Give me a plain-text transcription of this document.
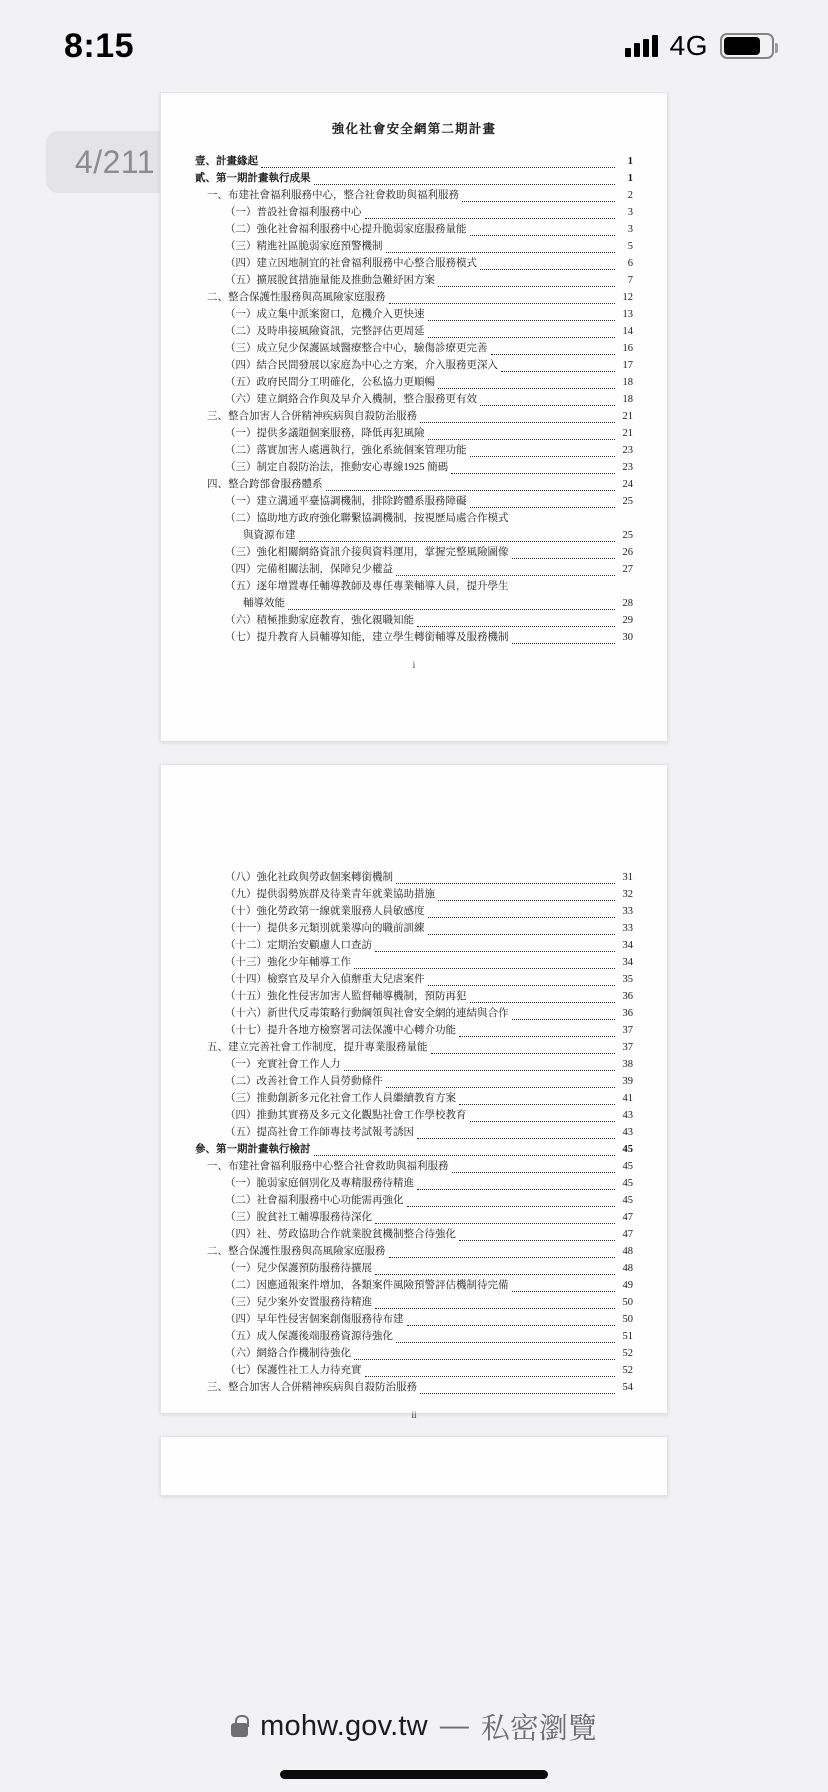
8:15	4G
4/211
強化社會安全網第二期計畫
壹、計畫緣起	1
貳、第一期計畫執行成果	1
一、布建社會福利服務中心，整合社會救助與福利服務	2
（一）普設社會福利服務中心	3
（二）強化社會福利服務中心提升脆弱家庭服務量能	3
（三）精進社區脆弱家庭預警機制	5
（四）建立因地制宜的社會福利服務中心整合服務模式	6
（五）擴展脫貧措施量能及推動急難紓困方案	7
二、整合保護性服務與高風險家庭服務	12
（一）成立集中派案窗口，危機介入更快速	13
（二）及時串接風險資訊，完整評估更周延	14
（三）成立兒少保護區域醫療整合中心，驗傷診療更完善	16
（四）結合民間發展以家庭為中心之方案，介入服務更深入	17
（五）政府民間分工明確化，公私協力更順暢	18
（六）建立網絡合作與及早介入機制，整合服務更有效	18
三、整合加害人合併精神疾病與自殺防治服務	21
（一）提供多議題個案服務，降低再犯風險	21
（二）落實加害人處遇執行，強化系統個案管理功能	23
（三）制定自殺防治法，推動安心專線1925 簡碼	23
四、整合跨部會服務體系	24
（一）建立溝通平臺協調機制，排除跨體系服務障礙	25
（二）協助地方政府強化聯繫協調機制，按視歷局處合作模式
與資源布建	25
（三）強化相關網絡資訊介接與資料運用，掌握完整風險圖像	26
（四）完備相關法制，保障兒少權益	27
（五）逐年增置專任輔導教師及專任專業輔導人員，提升學生
輔導效能	28
（六）積極推動家庭教育，強化親職知能	29
（七）提升教育人員輔導知能，建立學生轉銜輔導及服務機制	30
i
（八）強化社政與勞政個案轉銜機制	31
（九）提供弱勢族群及待業青年就業協助措施	32
（十）強化勞政第一線就業服務人員敏感度	33
（十一）提供多元類別就業導向的職前訓練	33
（十二）定期治安顧慮人口查訪	34
（十三）強化少年輔導工作	34
（十四）檢察官及早介入偵辦重大兒虐案件	35
（十五）強化性侵害加害人監督輔導機制，預防再犯	36
（十六）新世代反毒策略行動綱領與社會安全網的連結與合作	36
（十七）提升各地方檢察署司法保護中心轉介功能	37
五、建立完善社會工作制度，提升專業服務量能	37
（一）充實社會工作人力	38
（二）改善社會工作人員勞動條件	39
（三）推動創新多元化社會工作人員繼續教育方案	41
（四）推動其實務及多元文化觀點社會工作學校教育	43
（五）提高社會工作師專技考試報考誘因	43
參、第一期計畫執行檢討	45
一、布建社會福利服務中心整合社會救助與福利服務	45
（一）脆弱家庭個別化及專精服務待精進	45
（二）社會福利服務中心功能需再強化	45
（三）脫貧社工輔導服務待深化	47
（四）社、勞政協助合作就業脫貧機制整合待強化	47
二、整合保護性服務與高風險家庭服務	48
（一）兒少保護預防服務待擴展	48
（二）因應通報案件增加，各類案件風險預警評估機制待完備	49
（三）兒少案外安置服務待精進	50
（四）早年性侵害個案創傷服務待布建	50
（五）成人保護後端服務資源待強化	51
（六）網絡合作機制待強化	52
（七）保護性社工人力待充實	52
三、整合加害人合併精神疾病與自殺防治服務	54
ii
mohw.gov.tw — 私密瀏覽
